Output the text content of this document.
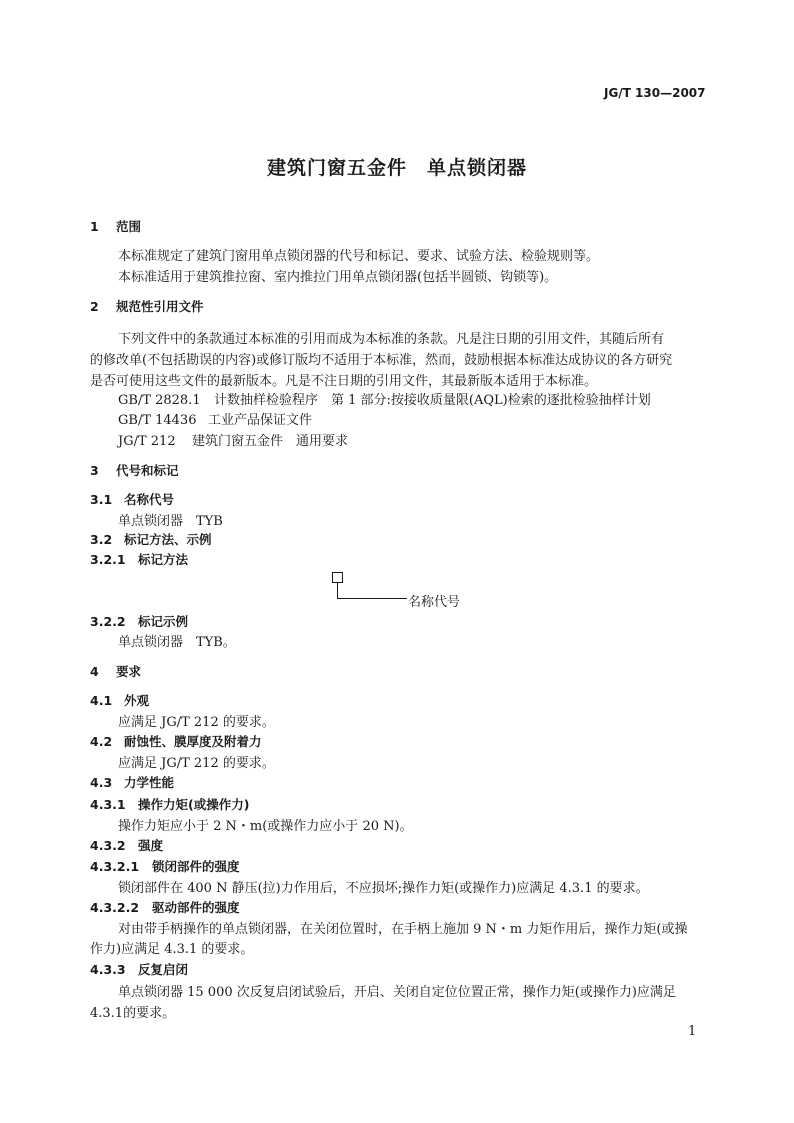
JG/T 130—2007
建筑门窗五金件　单点锁闭器
1 范围
本标准规定了建筑门窗用单点锁闭器的代号和标记、要求、试验方法、检验规则等。
本标准适用于建筑推拉窗、室内推拉门用单点锁闭器(包括半圆锁、钩锁等)。
2 规范性引用文件
下列文件中的条款通过本标准的引用而成为本标准的条款。凡是注日期的引用文件，其随后所有
的修改单(不包括勘误的内容)或修订版均不适用于本标准，然而，鼓励根据本标准达成协议的各方研究
是否可使用这些文件的最新版本。凡是不注日期的引用文件，其最新版本适用于本标准。
GB/T 2828.1 计数抽样检验程序　第 1 部分:按接收质量限(AQL)检索的逐批检验抽样计划
GB/T 14436 工业产品保证文件
JG/T 212 建筑门窗五金件　通用要求
3 代号和标记
3.1 名称代号
单点锁闭器　TYB
3.2 标记方法、示例
3.2.1 标记方法
名称代号
3.2.2 标记示例
单点锁闭器　TYB。
4 要求
4.1 外观
应满足 JG/T 212 的要求。
4.2 耐蚀性、膜厚度及附着力
应满足 JG/T 212 的要求。
4.3 力学性能
4.3.1 操作力矩(或操作力)
操作力矩应小于 2 N・m(或操作力应小于 20 N)。
4.3.2 强度
4.3.2.1 锁闭部件的强度
锁闭部件在 400 N 静压(拉)力作用后，不应损坏;操作力矩(或操作力)应满足 4.3.1 的要求。
4.3.2.2 驱动部件的强度
对由带手柄操作的单点锁闭器，在关闭位置时，在手柄上施加 9 N・m 力矩作用后，操作力矩(或操
作力)应满足 4.3.1 的要求。
4.3.3 反复启闭
单点锁闭器 15 000 次反复启闭试验后，开启、关闭自定位位置正常，操作力矩(或操作力)应满足
4.3.1的要求。
1
